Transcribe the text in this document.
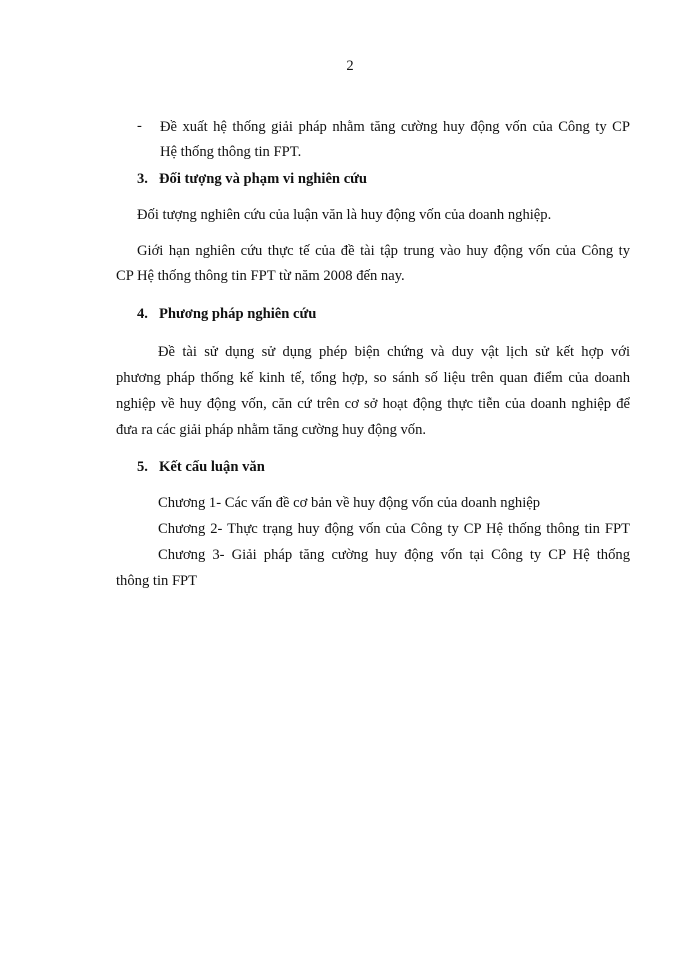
2
- Đề xuất hệ thống giải pháp nhằm tăng cường huy động vốn của Công ty CP
Hệ thống thông tin FPT.
3. Đối tượng và phạm vi nghiên cứu
Đối tượng nghiên cứu của luận văn là huy động vốn của doanh nghiệp.
Giới hạn nghiên cứu thực tế của đề tài tập trung vào huy động vốn của Công ty
CP Hệ thống thông tin FPT từ năm 2008 đến nay.
4. Phương pháp nghiên cứu
Đề tài sử dụng sử dụng phép biện chứng và duy vật lịch sử kết hợp với
phương pháp thống kế kinh tế, tổng hợp, so sánh số liệu trên quan điểm của doanh
nghiệp về huy động vốn, căn cứ trên cơ sở hoạt động thực tiễn của doanh nghiệp để
đưa ra các giải pháp nhằm tăng cường huy động vốn.
5. Kết cấu luận văn
Chương 1- Các vấn đề cơ bản về huy động vốn của doanh nghiệp
Chương 2- Thực trạng huy động vốn của Công ty CP Hệ thống thông tin FPT
Chương 3- Giải pháp tăng cường huy động vốn tại Công ty CP Hệ thống
thông tin FPT
